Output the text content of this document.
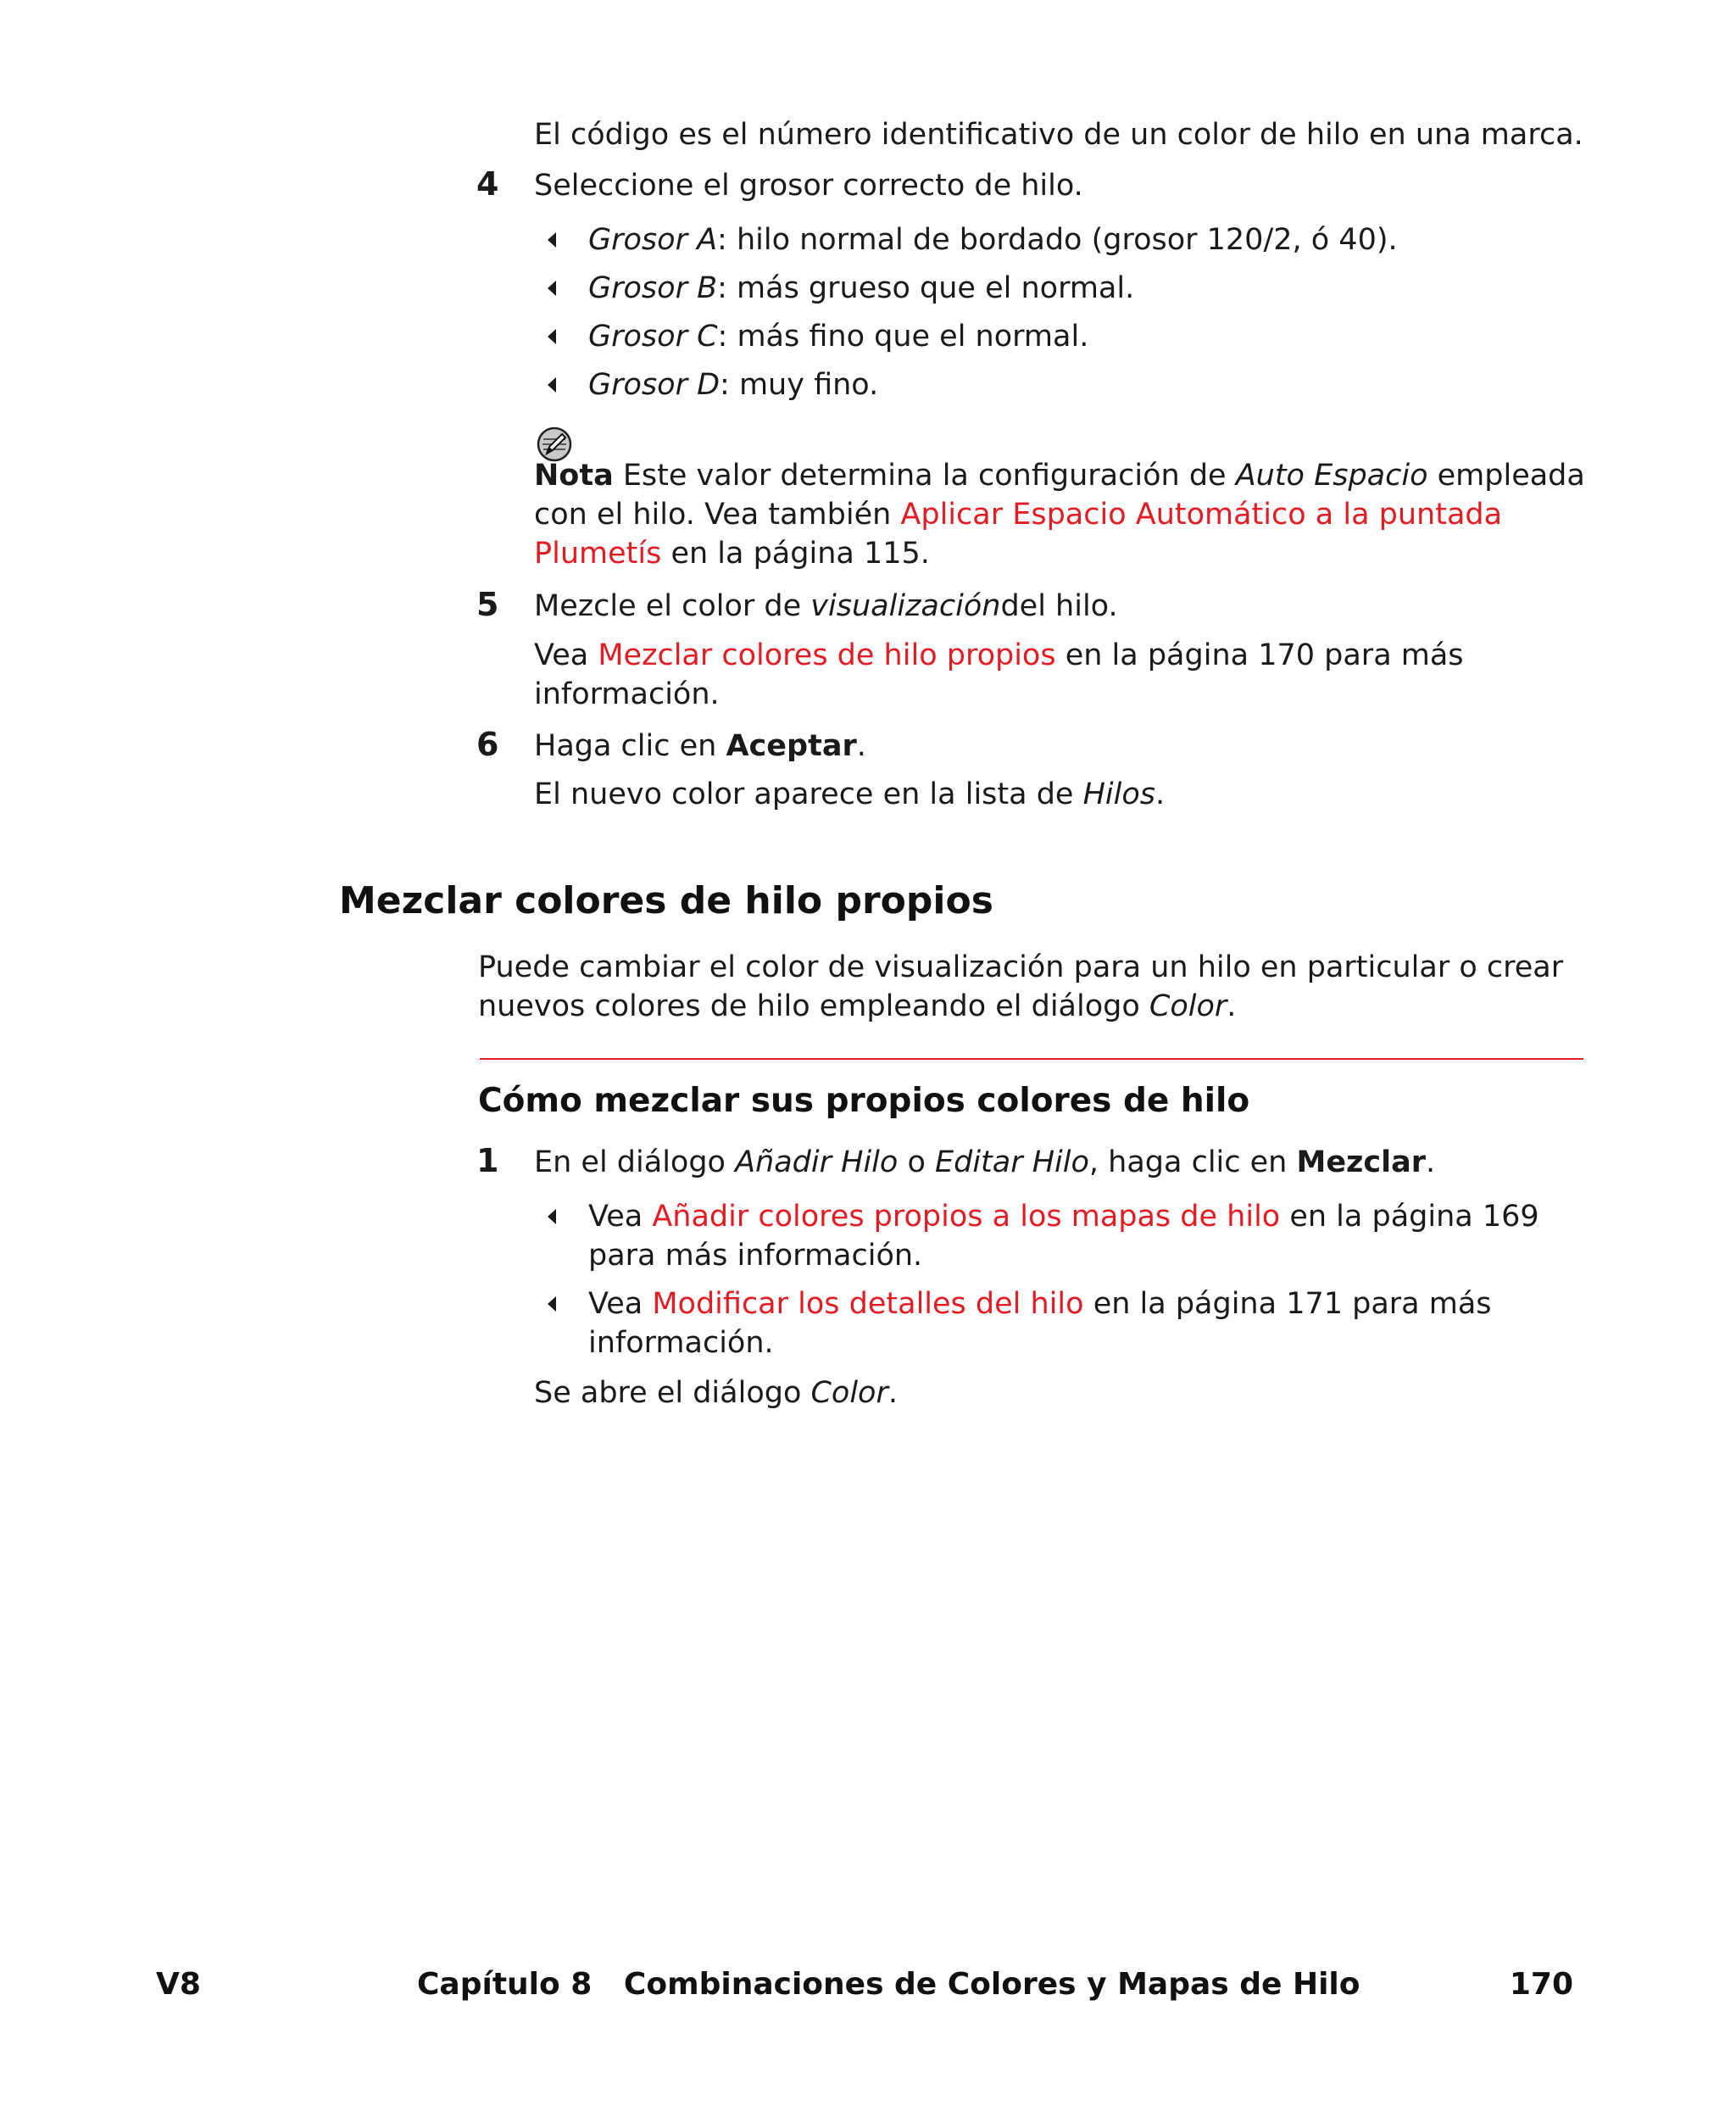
El código es el número identificativo de un color de hilo en una marca.
4	Seleccione el grosor correcto de hilo.
Grosor A: hilo normal de bordado (grosor 120/2, ó 40).
Grosor B: más grueso que el normal.
Grosor C: más fino que el normal.
Grosor D: muy fino.
Nota Este valor determina la configuración de Auto Espacio empleada con el hilo. Vea también Aplicar Espacio Automático a la puntada Plumetís en la página 115.
5	Mezcle el color de visualizacióndel hilo.
Vea Mezclar colores de hilo propios en la página 170 para más información.
6	Haga clic en Aceptar.
El nuevo color aparece en la lista de Hilos.
Mezclar colores de hilo propios
Puede cambiar el color de visualización para un hilo en particular o crear nuevos colores de hilo empleando el diálogo Color.
Cómo mezclar sus propios colores de hilo
1	En el diálogo Añadir Hilo o Editar Hilo, haga clic en Mezclar.
Vea Añadir colores propios a los mapas de hilo en la página 169 para más información.
Vea Modificar los detalles del hilo en la página 171 para más información.
Se abre el diálogo Color.
V8	Capítulo 8   Combinaciones de Colores y Mapas de Hilo	170
